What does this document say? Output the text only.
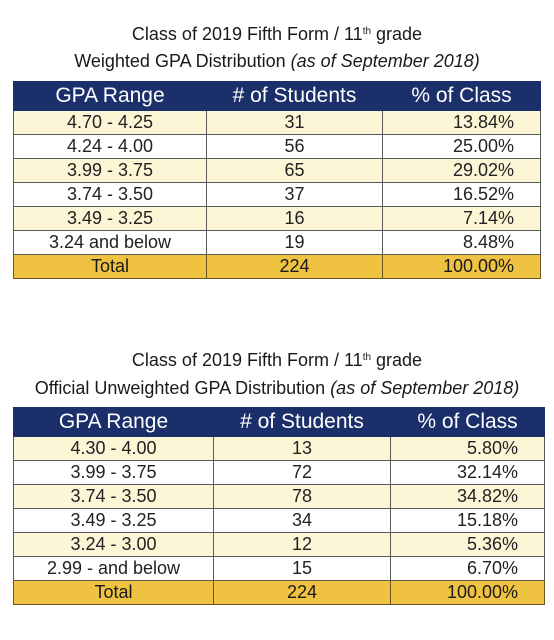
Class of 2019 Fifth Form / 11th grade
Weighted GPA Distribution (as of September 2018)
GPA Range	# of Students	% of Class
4.70 - 4.25	31	13.84%
4.24 - 4.00	56	25.00%
3.99 - 3.75	65	29.02%
3.74 - 3.50	37	16.52%
3.49 - 3.25	16	7.14%
3.24 and below	19	8.48%
Total	224	100.00%
Class of 2019 Fifth Form / 11th grade
Official Unweighted GPA Distribution (as of September 2018)
GPA Range	# of Students	% of Class
4.30 - 4.00	13	5.80%
3.99 - 3.75	72	32.14%
3.74 - 3.50	78	34.82%
3.49 - 3.25	34	15.18%
3.24 - 3.00	12	5.36%
2.99 - and below	15	6.70%
Total	224	100.00%
